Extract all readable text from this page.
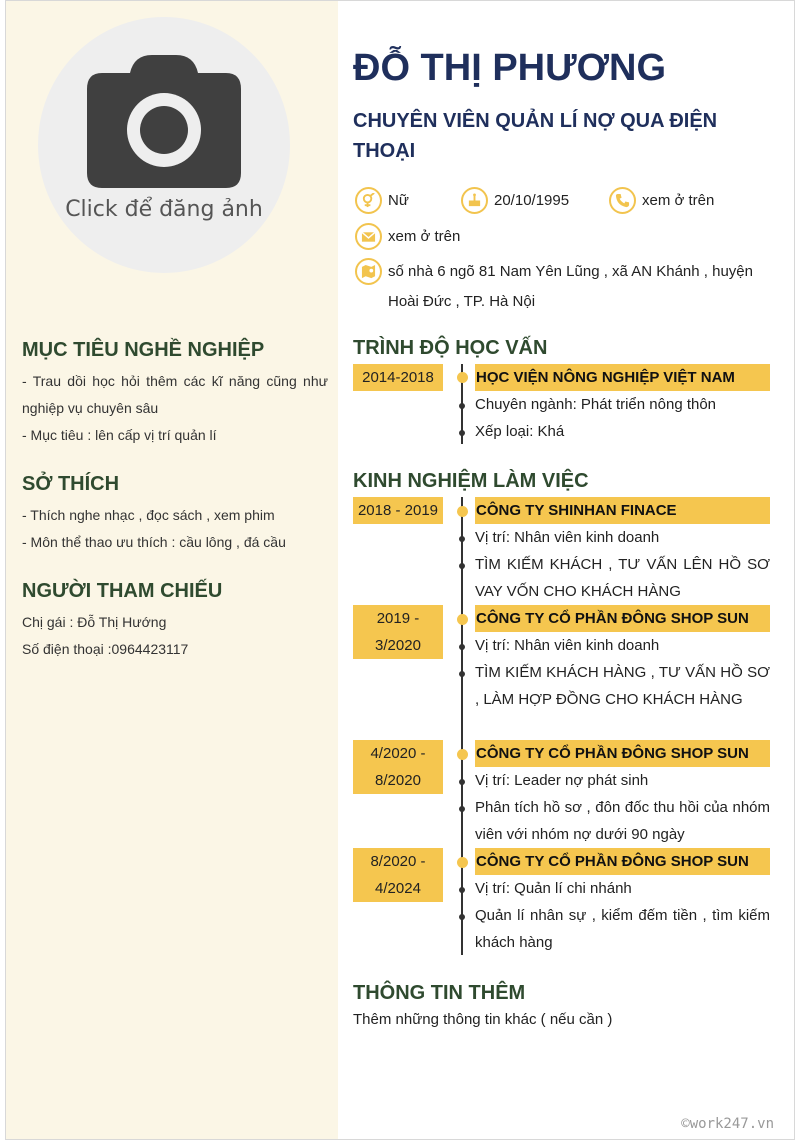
Click để đăng ảnh
MỤC TIÊU NGHỀ NGHIỆP
- Trau dồi học hỏi thêm các kĩ năng cũng như nghiệp vụ chuyên sâu
- Mục tiêu : lên cấp vị trí quản lí
SỞ THÍCH
- Thích nghe nhạc , đọc sách , xem phim
- Môn thể thao ưu thích : cầu lông , đá cầu
NGƯỜI THAM CHIẾU
Chị gái : Đỗ Thị Hướng
Số điện thoại :0964423117
ĐỖ THỊ PHƯƠNG
CHUYÊN VIÊN QUẢN LÍ NỢ QUA ĐIỆN THOẠI
Nữ	20/10/1995	xem ở trên
xem ở trên
số nhà 6 ngõ 81 Nam Yên Lũng , xã AN Khánh , huyện Hoài Đức , TP. Hà Nội
TRÌNH ĐỘ HỌC VẤN
2014-2018	HỌC VIỆN NÔNG NGHIỆP VIỆT NAM
Chuyên ngành: Phát triển nông thôn
Xếp loại: Khá
KINH NGHIỆM LÀM VIỆC
2018 - 2019	CÔNG TY SHINHAN FINACE
Vị trí: Nhân viên kinh doanh
TÌM KIẾM KHÁCH , TƯ VẤN LÊN HỒ SƠ VAY VỐN CHO KHÁCH HÀNG
2019 - 3/2020
CÔNG TY CỔ PHẦN ĐÔNG SHOP SUN
Vị trí: Nhân viên kinh doanh
TÌM KIẾM KHÁCH HÀNG , TƯ VẤN HỒ SƠ , LÀM HỢP ĐỒNG CHO KHÁCH HÀNG
4/2020 - 8/2020
CÔNG TY CỔ PHẦN ĐÔNG SHOP SUN
Vị trí: Leader nợ phát sinh
Phân tích hồ sơ , đôn đốc thu hồi của nhóm viên với nhóm nợ dưới 90 ngày
8/2020 - 4/2024
CÔNG TY CỔ PHẦN ĐÔNG SHOP SUN
Vị trí: Quản lí chi nhánh
Quản lí nhân sự , kiểm đếm tiền , tìm kiếm khách hàng
THÔNG TIN THÊM
Thêm những thông tin khác ( nếu cần )
©work247.vn
